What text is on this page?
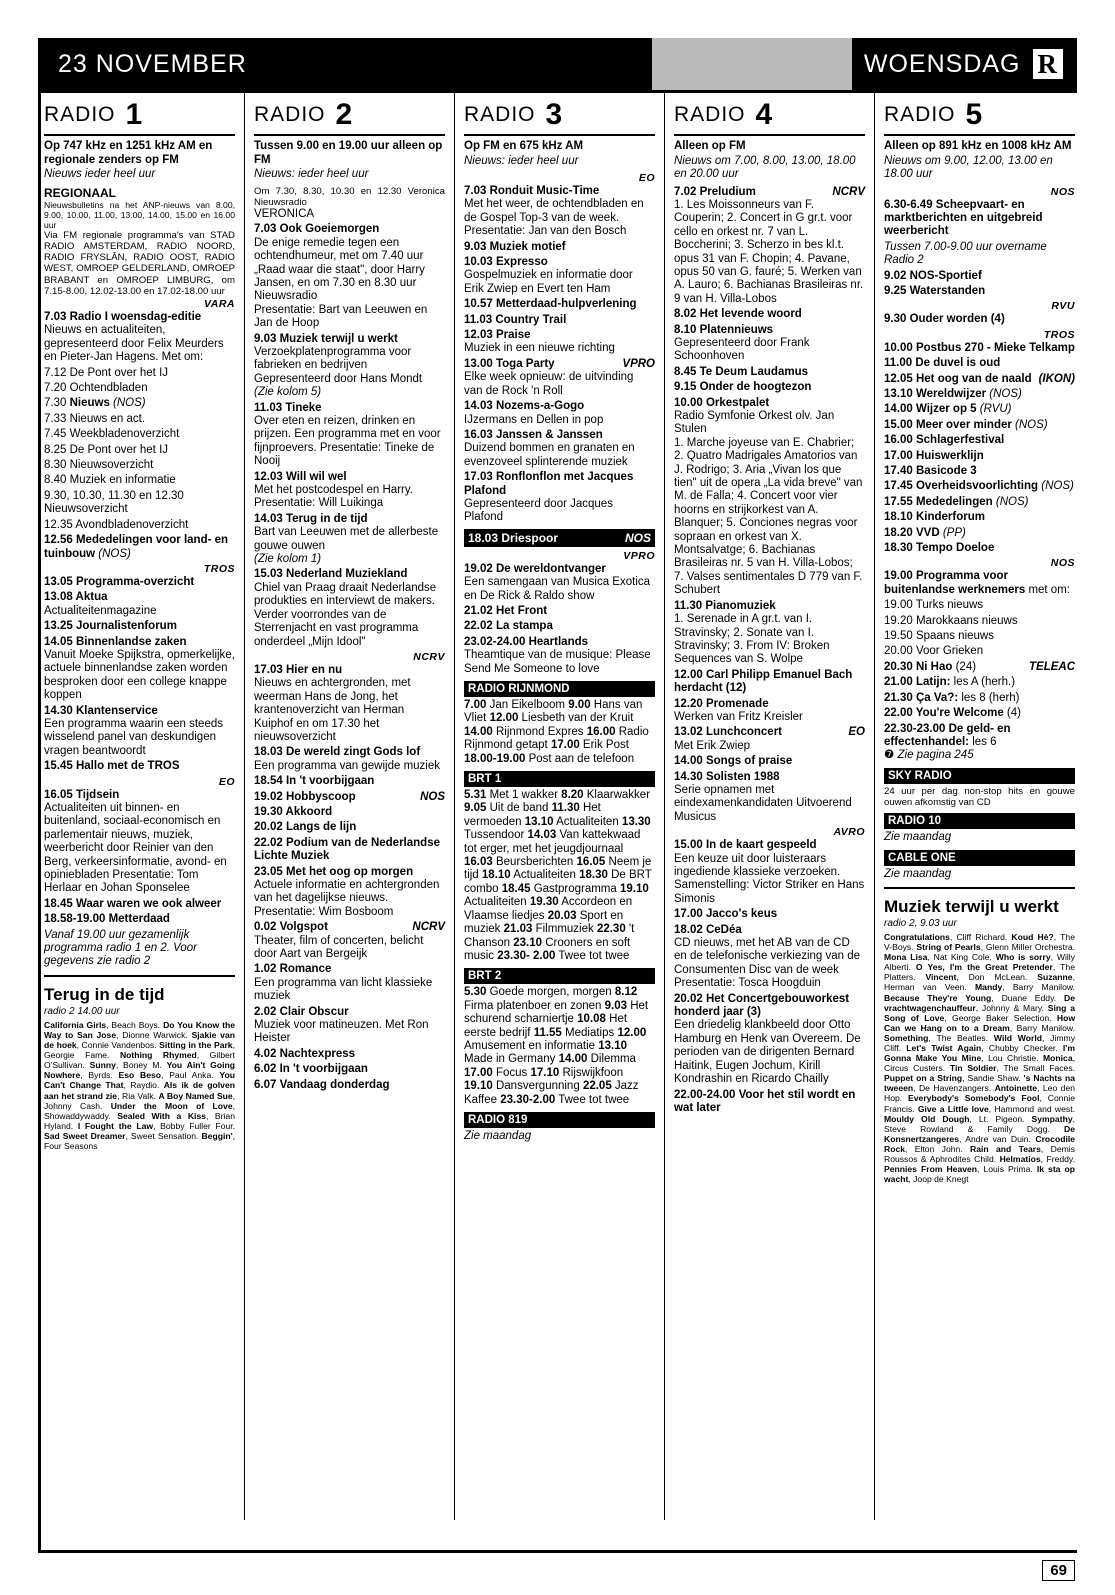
23 NOVEMBER	WOENSDAG R
RADIO 1
Op 747 kHz en 1251 kHz AM en regionale zenders op FM
Nieuws ieder heel uur
REGIONAAL
Nieuwsbulletins na het ANP-nieuws van 8.00, 9.00, 10.00, 11.00, 13.00, 14.00, 15.00 en 16.00 uur
Via FM regionale programma's van STAD RADIO AMSTERDAM, RADIO NOORD, RADIO FRYSLÂN, RADIO OOST, RADIO WEST, OMROEP GELDERLAND, OMROEP BRABANT en OMROEP LIMBURG, om 7.15-8.00, 12.02-13.00 en 17.02-18.00 uur
VARA
7.03 Radio I woensdag-editie
Nieuws en actualiteiten, gepresenteerd door Felix Meurders en Pieter-Jan Hagens. Met om:
7.12 De Pont over het IJ
7.20 Ochtendbladen
7.30 Nieuws (NOS)
7.33 Nieuws en act.
7.45 Weekbladenoverzicht
8.25 De Pont over het IJ
8.30 Nieuwsoverzicht
8.40 Muziek en informatie
9.30, 10.30, 11.30 en 12.30 Nieuwsoverzicht
12.35 Avondbladenoverzicht
12.56 Mededelingen voor land- en tuinbouw (NOS)
TROS
13.05 Programma-overzicht
13.08 Aktua
Actualiteitenmagazine
13.25 Journalistenforum
14.05 Binnenlandse zaken
Vanuit Moeke Spijkstra, opmerkelijke, actuele binnenlandse zaken worden besproken door een college knappe koppen
14.30 Klantenservice
Een programma waarin een steeds wisselend panel van deskundigen vragen beantwoordt
15.45 Hallo met de TROS
EO
16.05 Tijdsein
Actualiteiten uit binnen- en buitenland, sociaal-economisch en parlementair nieuws, muziek, weerbericht door Reinier van den Berg, verkeersinformatie, avond- en opiniebladen Presentatie: Tom Herlaar en Johan Sponselee
18.45 Waar waren we ook alweer
18.58-19.00 Metterdaad
Vanaf 19.00 uur gezamenlijk programma radio 1 en 2. Voor gegevens zie radio 2
Terug in de tijd
radio 2 14.00 uur
California Girls, Beach Boys. Do You Know the Way to San Jose, Dionne Warwick. Sjakie van de hoek, Connie Vandenbos. Sitting in the Park, Georgie Fame. Nothing Rhymed, Gilbert O'Sullivan. Sunny, Boney M. You Ain't Going Nowhere, Byrds. Eso Beso, Paul Anka. You Can't Change That, Raydio. Als ik de golven aan het strand zie, Ria Valk. A Boy Named Sue, Johnny Cash. Under the Moon of Love, Showaddywaddy. Sealed With a Kiss, Brian Hyland. I Fought the Law, Bobby Fuller Four. Sad Sweet Dreamer, Sweet Sensation. Beggin', Four Seasons
RADIO 2
Tussen 9.00 en 19.00 uur alleen op FM
Nieuws: ieder heel uur
Om 7.30, 8.30, 10.30 en 12.30 Veronica Nieuwsradio
VERONICA
7.03 Ook Goeiemorgen
De enige remedie tegen een ochtendhumeur, met om 7.40 uur „Raad waar die staat", door Harry Jansen, en om 7.30 en 8.30 uur Nieuwsradio
Presentatie: Bart van Leeuwen en Jan de Hoop
9.03 Muziek terwijl u werkt
Verzoekplatenprogramma voor fabrieken en bedrijven Gepresenteerd door Hans Mondt
(Zie kolom 5)
11.03 Tineke
Over eten en reizen, drinken en prijzen. Een programma met en voor fijnproevers. Presentatie: Tineke de Nooij
12.03 Will wil wel
Met het postcodespel en Harry. Presentatie: Will Luikinga
14.03 Terug in de tijd
Bart van Leeuwen met de allerbeste gouwe ouwen
(Zie kolom 1)
15.03 Nederland Muziekland
Chiel van Praag draait Nederlandse produkties en interviewt de makers. Verder voorrondes van de Sterrenjacht en vast programma onderdeel „Mijn Idool"
NCRV
17.03 Hier en nu
Nieuws en achtergronden, met weerman Hans de Jong, het krantenoverzicht van Herman Kuiphof en om 17.30 het nieuwsoverzicht
18.03 De wereld zingt Gods lof
Een programma van gewijde muziek
18.54 In 't voorbijgaan
19.02 Hobbyscoop	NOS
19.30 Akkoord
20.02 Langs de lijn
22.02 Podium van de Nederlandse Lichte Muziek
23.05 Met het oog op morgen
Actuele informatie en achtergronden van het dagelijkse nieuws. Presentatie: Wim Bosboom
0.02 Volgspot	NCRV

Theater, film of concerten, belicht door Aart van Bergeijk
1.02 Romance
Een programma van licht klassieke muziek
2.02 Clair Obscur
Muziek voor matineuzen. Met Ron Heister
4.02 Nachtexpress
6.02 In 't voorbijgaan
6.07 Vandaag donderdag
RADIO 3
Op FM en 675 kHz AM
Nieuws: ieder heel uur
EO
7.03 Ronduit Music-Time
Met het weer, de ochtendbladen en de Gospel Top-3 van de week. Presentatie: Jan van den Bosch
9.03 Muziek motief
10.03 Expresso
Gospelmuziek en informatie door Erik Zwiep en Evert ten Ham
10.57 Metterdaad-hulpverlening
11.03 Country Trail
12.03 Praise
Muziek in een nieuwe richting
13.00 Toga Party	VPRO

Elke week opnieuw: de uitvinding van de Rock 'n Roll
14.03 Nozems-a-Gogo
IJzermans en Dellen in pop
16.03 Janssen & Janssen
Duizend bommen en granaten en evenzoveel splinterende muziek
17.03 Ronflonflon met Jacques Plafond
Gepresenteerd door Jacques Plafond
18.03 Driespoor	NOS
VPRO
19.02 De wereldontvanger
Een samengaan van Musica Exotica en De Rick & Raldo show
21.02 Het Front
22.02 La stampa
23.02-24.00 Heartlands
Theamtique van de musique: Please Send Me Someone to love
RADIO RIJNMOND
7.00 Jan Eikelboom 9.00 Hans van Vliet 12.00 Liesbeth van der Kruit 14.00 Rijnmond Expres 16.00 Radio Rijnmond getapt 17.00 Erik Post 18.00-19.00 Post aan de telefoon
BRT 1
5.31 Met 1 wakker 8.20 Klaarwakker 9.05 Uit de band 11.30 Het vermoeden 13.10 Actualiteiten 13.30 Tussendoor 14.03 Van kattekwaad tot erger, met het jeugdjournaal 16.03 Beursberichten 16.05 Neem je tijd 18.10 Actualiteiten 18.30 De BRT combo 18.45 Gastprogramma 19.10 Actualiteiten 19.30 Accordeon en Vlaamse liedjes 20.03 Sport en muziek 21.03 Filmmuziek 22.30 't Chanson 23.10 Crooners en soft music 23.30- 2.00 Twee tot twee
BRT 2
5.30 Goede morgen, morgen 8.12 Firma platenboer en zonen 9.03 Het schurend scharniertje 10.08 Het eerste bedrijf 11.55 Mediatips 12.00 Amusement en informatie 13.10 Made in Germany 14.00 Dilemma 17.00 Focus 17.10 Rijswijkfoon 19.10 Dansvergunning 22.05 Jazz Kaffee 23.30-2.00 Twee tot twee
RADIO 819
Zie maandag
RADIO 4
Alleen op FM
Nieuws om 7.00, 8.00, 13.00, 18.00 en 20.00 uur
7.02 Preludium	NCRV

1. Les Moissonneurs van F. Couperin; 2. Concert in G gr.t. voor cello en orkest nr. 7 van L. Boccherini; 3. Scherzo in bes kl.t. opus 31 van F. Chopin; 4. Pavane, opus 50 van G. fauré; 5. Werken van A. Lauro; 6. Bachianas Brasileiras nr. 9 van H. Villa-Lobos
8.02 Het levende woord
8.10 Platennieuws
Gepresenteerd door Frank Schoonhoven
8.45 Te Deum Laudamus
9.15 Onder de hoogtezon
10.00 Orkestpalet
Radio Symfonie Orkest olv. Jan Stulen
1. Marche joyeuse van E. Chabrier; 2. Quatro Madrigales Amatorios van J. Rodrigo; 3. Aria „Vivan los que tien" uit de opera „La vida breve" van M. de Falla; 4. Concert voor vier hoorns en strijkorkest van A. Blanquer; 5. Conciones negras voor sopraan en orkest van X. Montsalvatge; 6. Bachianas Brasileiras nr. 5 van H. Villa-Lobos; 7. Valses sentimentales D 779 van F. Schubert
11.30 Pianomuziek
1. Serenade in A gr.t. van I. Stravinsky; 2. Sonate van I. Stravinsky; 3. From IV: Broken Sequences van S. Wolpe
12.00 Carl Philipp Emanuel Bach herdacht (12)
12.20 Promenade
Werken van Fritz Kreisler
13.02 Lunchconcert	EO

Met Erik Zwiep
14.00 Songs of praise
14.30 Solisten 1988
Serie opnamen met eindexamenkandidaten Uitvoerend Musicus
AVRO
15.00 In de kaart gespeeld
Een keuze uit door luisteraars ingediende klassieke verzoeken. Samenstelling: Victor Striker en Hans Simonis
17.00 Jacco's keus
18.02 CeDéa
CD nieuws, met het AB van de CD en de telefonische verkiezing van de Consumenten Disc van de week Presentatie: Tosca Hoogduin
20.02 Het Concertgebouworkest honderd jaar (3)
Een driedelig klankbeeld door Otto Hamburg en Henk van Overeem. De perioden van de dirigenten Bernard Haitink, Eugen Jochum, Kirill Kondrashin en Ricardo Chailly
22.00-24.00 Voor het stil wordt en wat later
RADIO 5
Alleen op 891 kHz en 1008 kHz AM
Nieuws om 9.00, 12.00, 13.00 en 18.00 uur
NOS
6.30-6.49 Scheepvaart- en marktberichten en uitgebreid weerbericht
Tussen 7.00-9.00 uur overname Radio 2
9.02 NOS-Sportief
9.25 Waterstanden
RVU
9.30 Ouder worden (4)
TROS
10.00 Postbus 270 - Mieke Telkamp
11.00 De duvel is oud
12.05 Het oog van de naald (IKON)
13.10 Wereldwijzer (NOS)
14.00 Wijzer op 5 (RVU)
15.00 Meer over minder (NOS)
16.00 Schlagerfestival
17.00 Huiswerklijn
17.40 Basicode 3
17.45 Overheidsvoorlichting (NOS)
17.55 Mededelingen (NOS)
18.10 Kinderforum
18.20 VVD (PP)
18.30 Tempo Doeloe
NOS
19.00 Programma voor buitenlandse werknemers met om:
19.00 Turks nieuws
19.20 Marokkaans nieuws
19.50 Spaans nieuws
20.00 Voor Grieken
20.30 Ni Hao (24)	TELEAC
21.00 Latijn: les A (herh.)
21.30 Ça Va?: les 8 (herh)
22.00 You're Welcome (4)
22.30-23.00 De geld- en effectenhandel: les 6
❼ Zie pagina 245
SKY RADIO
24 uur per dag non-stop hits en gouwe ouwen afkomstig van CD
RADIO 10
Zie maandag
CABLE ONE
Zie maandag
Muziek terwijl u werkt
radio 2, 9.03 uur
Congratulations, Cliff Richard. Koud Hè?, The V-Boys. String of Pearls, Glenn Miller Orchestra. Mona Lisa, Nat King Cole. Who is sorry, Willy Alberti. O Yes, I'm the Great Pretender, The Platters. Vincent, Don McLean. Suzanne, Herman van Veen. Mandy, Barry Manilow. Because They're Young, Duane Eddy. De vrachtwagenchauffeur, Johnny & Mary. Sing a Song of Love, George Baker Selection. How Can we Hang on to a Dream, Barry Manilow. Something, The Beatles. Wild World, Jimmy Cliff. Let's Twist Again, Chubby Checker. I'm Gonna Make You Mine, Lou Christie. Monica, Circus Custers. Tin Soldier, The Small Faces. Puppet on a String, Sandie Shaw. 's Nachts na tweeen, De Havenzangers. Antoinette, Leo den Hop. Everybody's Somebody's Fool, Connie Francis. Give a Little love, Hammond and west. Mouldy Old Dough, Lt. Pigeon. Sympathy, Steve Rowland & Family Dogg. De Konsnertzangeres, Andre van Duin. Crocodile Rock, Elton John. Rain and Tears, Demis Roussos & Aphrodites Child. Helmatios, Freddy. Pennies From Heaven, Louis Prima. Ik sta op wacht, Joop de Knegt
69
